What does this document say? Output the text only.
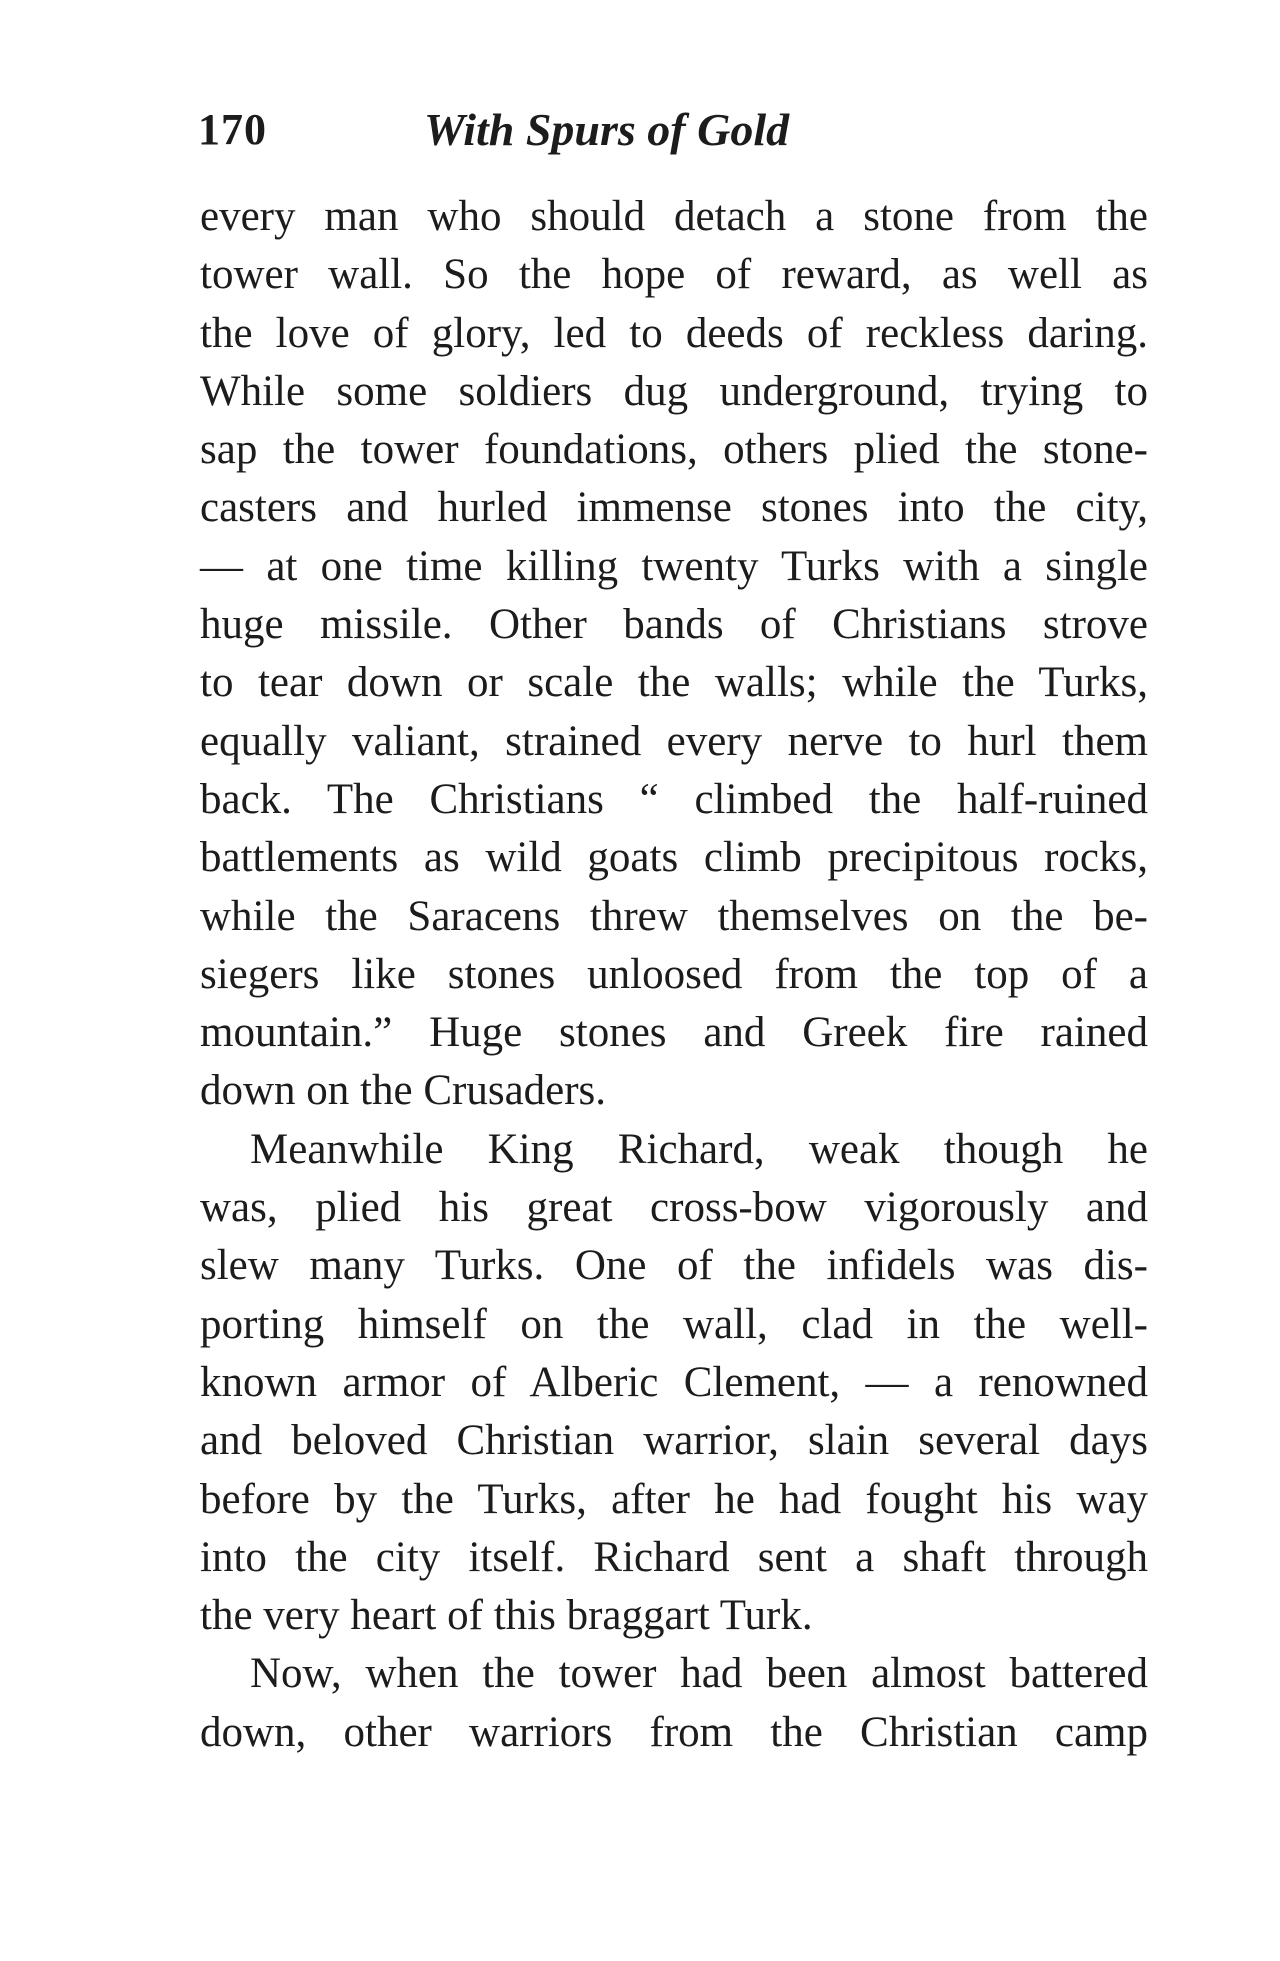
170	With Spurs of Gold
every man who should detach a stone from the
tower wall. So the hope of reward, as well as
the love of glory, led to deeds of reckless daring.
While some soldiers dug underground, trying to
sap the tower foundations, others plied the stone-
casters and hurled immense stones into the city,
— at one time killing twenty Turks with a single
huge missile. Other bands of Christians strove
to tear down or scale the walls; while the Turks,
equally valiant, strained every nerve to hurl them
back. The Christians “ climbed the half-ruined
battlements as wild goats climb precipitous rocks,
while the Saracens threw themselves on the be-
siegers like stones unloosed from the top of a
mountain.” Huge stones and Greek fire rained
down on the Crusaders.
Meanwhile King Richard, weak though he
was, plied his great cross-bow vigorously and
slew many Turks. One of the infidels was dis-
porting himself on the wall, clad in the well-
known armor of Alberic Clement, — a renowned
and beloved Christian warrior, slain several days
before by the Turks, after he had fought his way
into the city itself. Richard sent a shaft through
the very heart of this braggart Turk.
Now, when the tower had been almost battered
down, other warriors from the Christian camp
